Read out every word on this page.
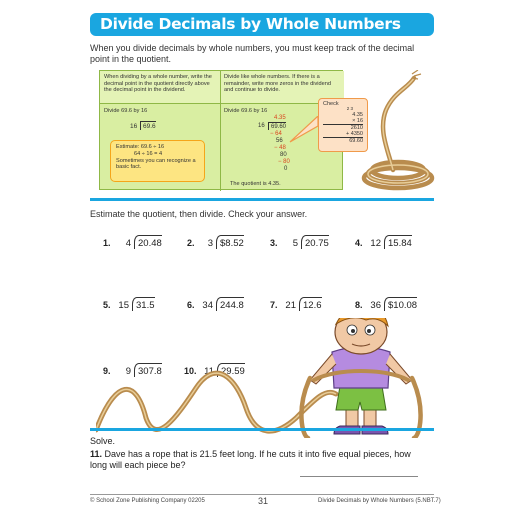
Divide Decimals by Whole Numbers
When you divide decimals by whole numbers, you must keep track of the decimal point in the quotient.
When dividing by a whole number, write the decimal point in the quotient directly above the decimal point in the dividend.
Divide like whole numbers. If there is a remainder, write more zeros in the dividend and continue to divide.
Divide 69.6 by 16	Divide 69.6 by 16
16 69.6
4.35
16	69.60
− 64
56
− 48
80
− 80
0
The quotient is 4.35.
Estimate: 69.6 ÷ 16
64 ÷ 16 = 4
Sometimes you can recognize a basic fact.
Check
2 3
4.35
× 16
2610
+ 4350
69.60
Estimate the quotient, then divide. Check your answer.
1.	4 20.48	2.	3 $8.52	3.	5 20.75	4. 12 15.84
5. 15 31.5	6. 34 244.8	7. 21 12.6	8. 36 $10.08
9.	9 307.8 10. 11 29.59
Solve.
11. Dave has a rope that is 21.5 feet long. If he cuts it into five equal pieces, how long will each piece be?
© School Zone Publishing Company 02205	31	Divide Decimals by Whole Numbers (5.NBT.7)
